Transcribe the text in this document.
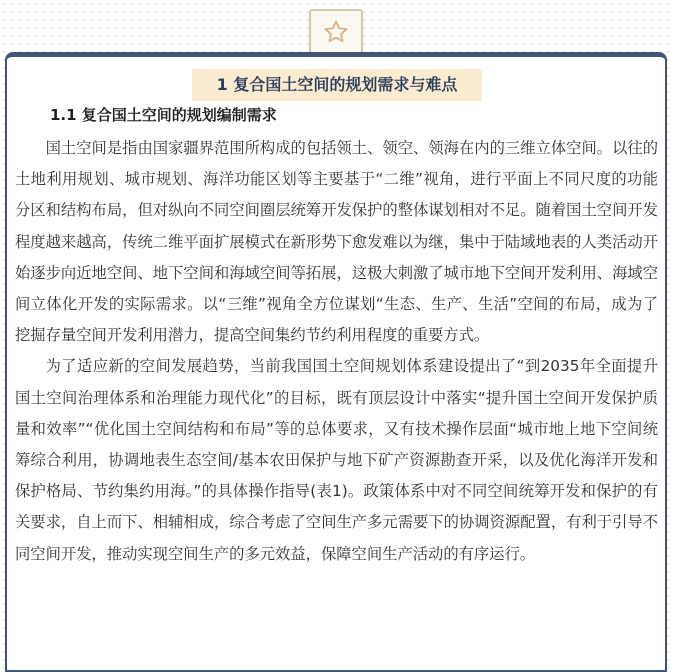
1 复合国土空间的规划需求与难点
1.1 复合国土空间的规划编制需求

国土空间是指由国家疆界范围所构成的包括领土、领空、领海在内的三维立体空间。以往的土地利用规划、城市规划、海洋功能区划等主要基于“二维”视角，进行平面上不同尺度的功能分区和结构布局，但对纵向不同空间圈层统筹开发保护的整体谋划相对不足。随着国土空间开发程度越来越高，传统二维平面扩展模式在新形势下愈发难以为继，集中于陆域地表的人类活动开始逐步向近地空间、地下空间和海域空间等拓展，这极大刺激了城市地下空间开发利用、海域空间立体化开发的实际需求。以“三维”视角全方位谋划“生态、生产、生活”空间的布局，成为了挖掘存量空间开发利用潜力，提高空间集约节约利用程度的重要方式。

为了适应新的空间发展趋势，当前我国国土空间规划体系建设提出了“到2035年全面提升国土空间治理体系和治理能力现代化”的目标，既有顶层设计中落实“提升国土空间开发保护质量和效率”“优化国土空间结构和布局”等的总体要求，又有技术操作层面“城市地上地下空间统筹综合利用，协调地表生态空间/基本农田保护与地下矿产资源勘查开采，以及优化海洋开发和保护格局、节约集约用海。”的具体操作指导(表1)。政策体系中对不同空间统筹开发和保护的有关要求，自上而下、相辅相成，综合考虑了空间生产多元需要下的协调资源配置，有利于引导不同空间开发，推动实现空间生产的多元效益，保障空间生产活动的有序运行。
